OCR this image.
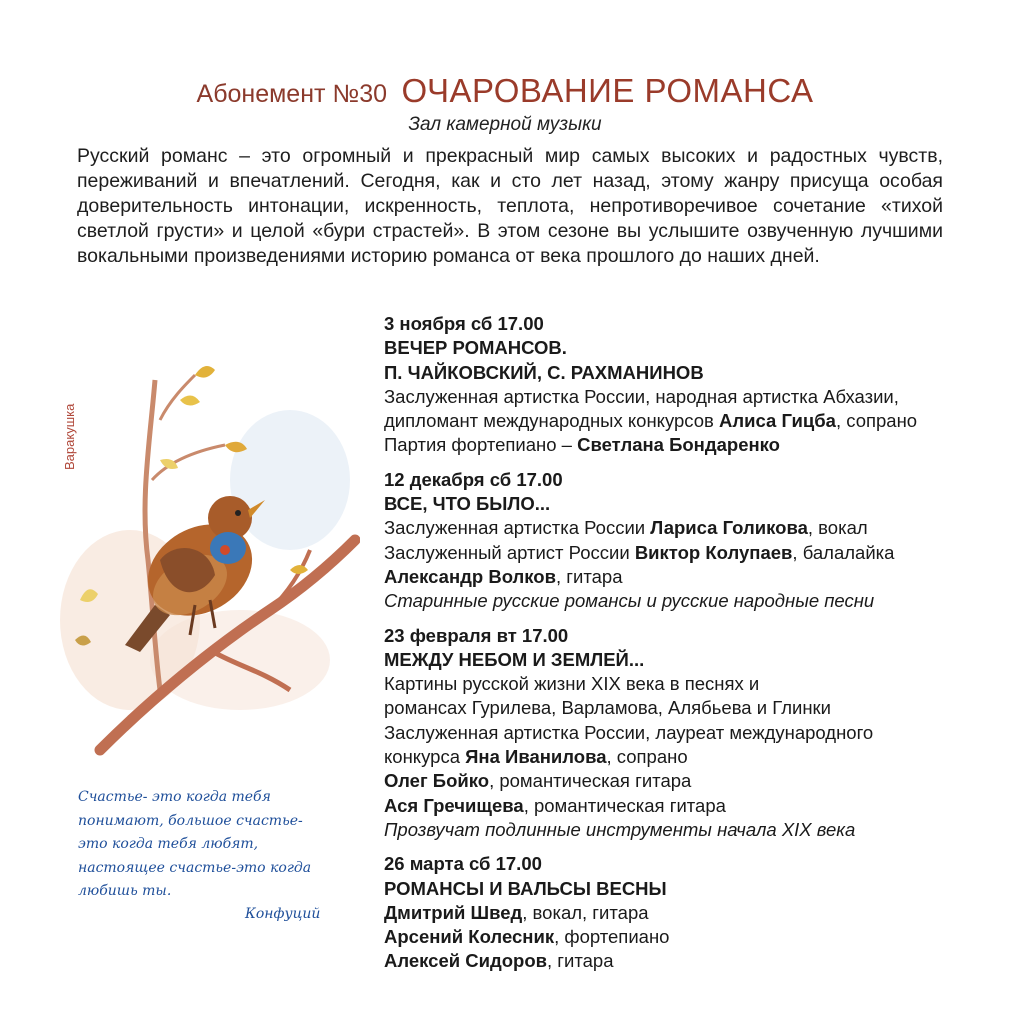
Абонемент №30 ОЧАРОВАНИЕ РОМАНСА
Зал камерной музыки

Русский романс – это огромный и прекрасный мир самых высоких и радостных чувств, переживаний и впечатлений. Сегодня, как и сто лет назад, этому жанру присуща особая доверительность интонации, искренность, теплота, непротиворечивое сочетание «тихой светлой грусти» и целой «бури страстей». В этом сезоне вы услышите озвученную лучшими вокальными произведениями историю романса от века прошлого до наших дней.

Варакушка
Счастье- это когда тебя
понимают, большое счастье-
это когда тебя любят,
настоящее счастье-это когда
любишь ты.
Конфуций
3 ноября сб 17.00
ВЕЧЕР РОМАНСОВ.
П. ЧАЙКОВСКИЙ, С. РАХМАНИНОВ
Заслуженная артистка России, народная артистка Абхазии,
дипломант международных конкурсов Алиса Гицба, сопрано
Партия фортепиано – Светлана Бондаренко
12 декабря сб 17.00
ВСЕ, ЧТО БЫЛО...
Заслуженная артистка России Лариса Голикова, вокал
Заслуженный артист России Виктор Колупаев, балалайка
Александр Волков, гитара
Старинные русские романсы и русские народные песни
23 февраля вт 17.00
МЕЖДУ НЕБОМ И ЗЕМЛЕЙ...
Картины русской жизни XIX века в песнях и
романсах Гурилева, Варламова, Алябьева и Глинки
Заслуженная артистка России, лауреат международного
конкурса Яна Иванилова, сопрано
Олег Бойко, романтическая гитара
Ася Гречищева, романтическая гитара
Прозвучат подлинные инструменты начала XIX века
26 марта сб 17.00
РОМАНСЫ И ВАЛЬСЫ ВЕСНЫ
Дмитрий Швед, вокал, гитара
Арсений Колесник, фортепиано
Алексей Сидоров, гитара
